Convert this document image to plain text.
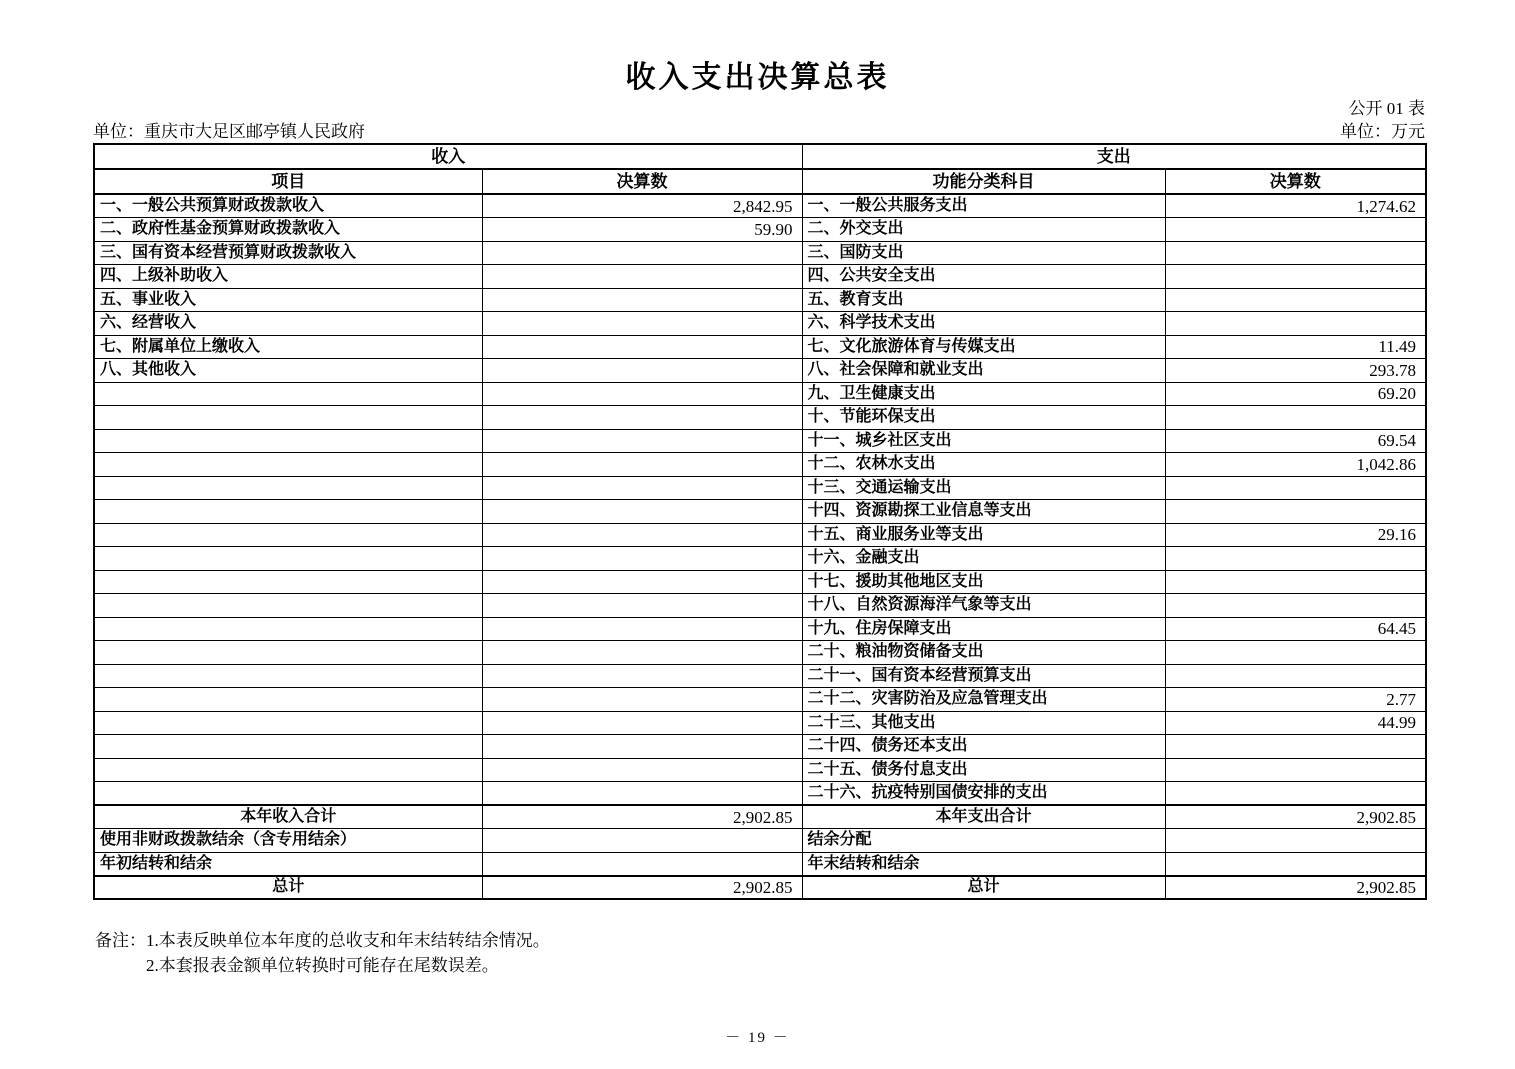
收入支出决算总表
公开 01 表
单位：重庆市大足区邮亭镇人民政府	单位：万元
收入		支出	
项目	决算数	功能分类科目	决算数
一、一般公共预算财政拨款收入	2,842.95	一、一般公共服务支出	1,274.62
二、政府性基金预算财政拨款收入	59.90	二、外交支出	
三、国有资本经营预算财政拨款收入		三、国防支出	
四、上级补助收入		四、公共安全支出	
五、事业收入		五、教育支出	
六、经营收入		六、科学技术支出	
七、附属单位上缴收入		七、文化旅游体育与传媒支出	11.49
八、其他收入		八、社会保障和就业支出	293.78
		九、卫生健康支出	69.20
		十、节能环保支出	
		十一、城乡社区支出	69.54
		十二、农林水支出	1,042.86
		十三、交通运输支出	
		十四、资源勘探工业信息等支出	
		十五、商业服务业等支出	29.16
		十六、金融支出	
		十七、援助其他地区支出	
		十八、自然资源海洋气象等支出	
		十九、住房保障支出	64.45
		二十、粮油物资储备支出	
		二十一、国有资本经营预算支出	
		二十二、灾害防治及应急管理支出	2.77
		二十三、其他支出	44.99
		二十四、债务还本支出	
		二十五、债务付息支出	
		二十六、抗疫特别国债安排的支出	
本年收入合计	2,902.85	本年支出合计	2,902.85
使用非财政拨款结余（含专用结余）		结余分配	
年初结转和结余		年末结转和结余	
总计	2,902.85	总计	2,902.85
备注： 1.本表反映单位本年度的总收支和年末结转结余情况。
2.本套报表金额单位转换时可能存在尾数误差。
－ 19 －
